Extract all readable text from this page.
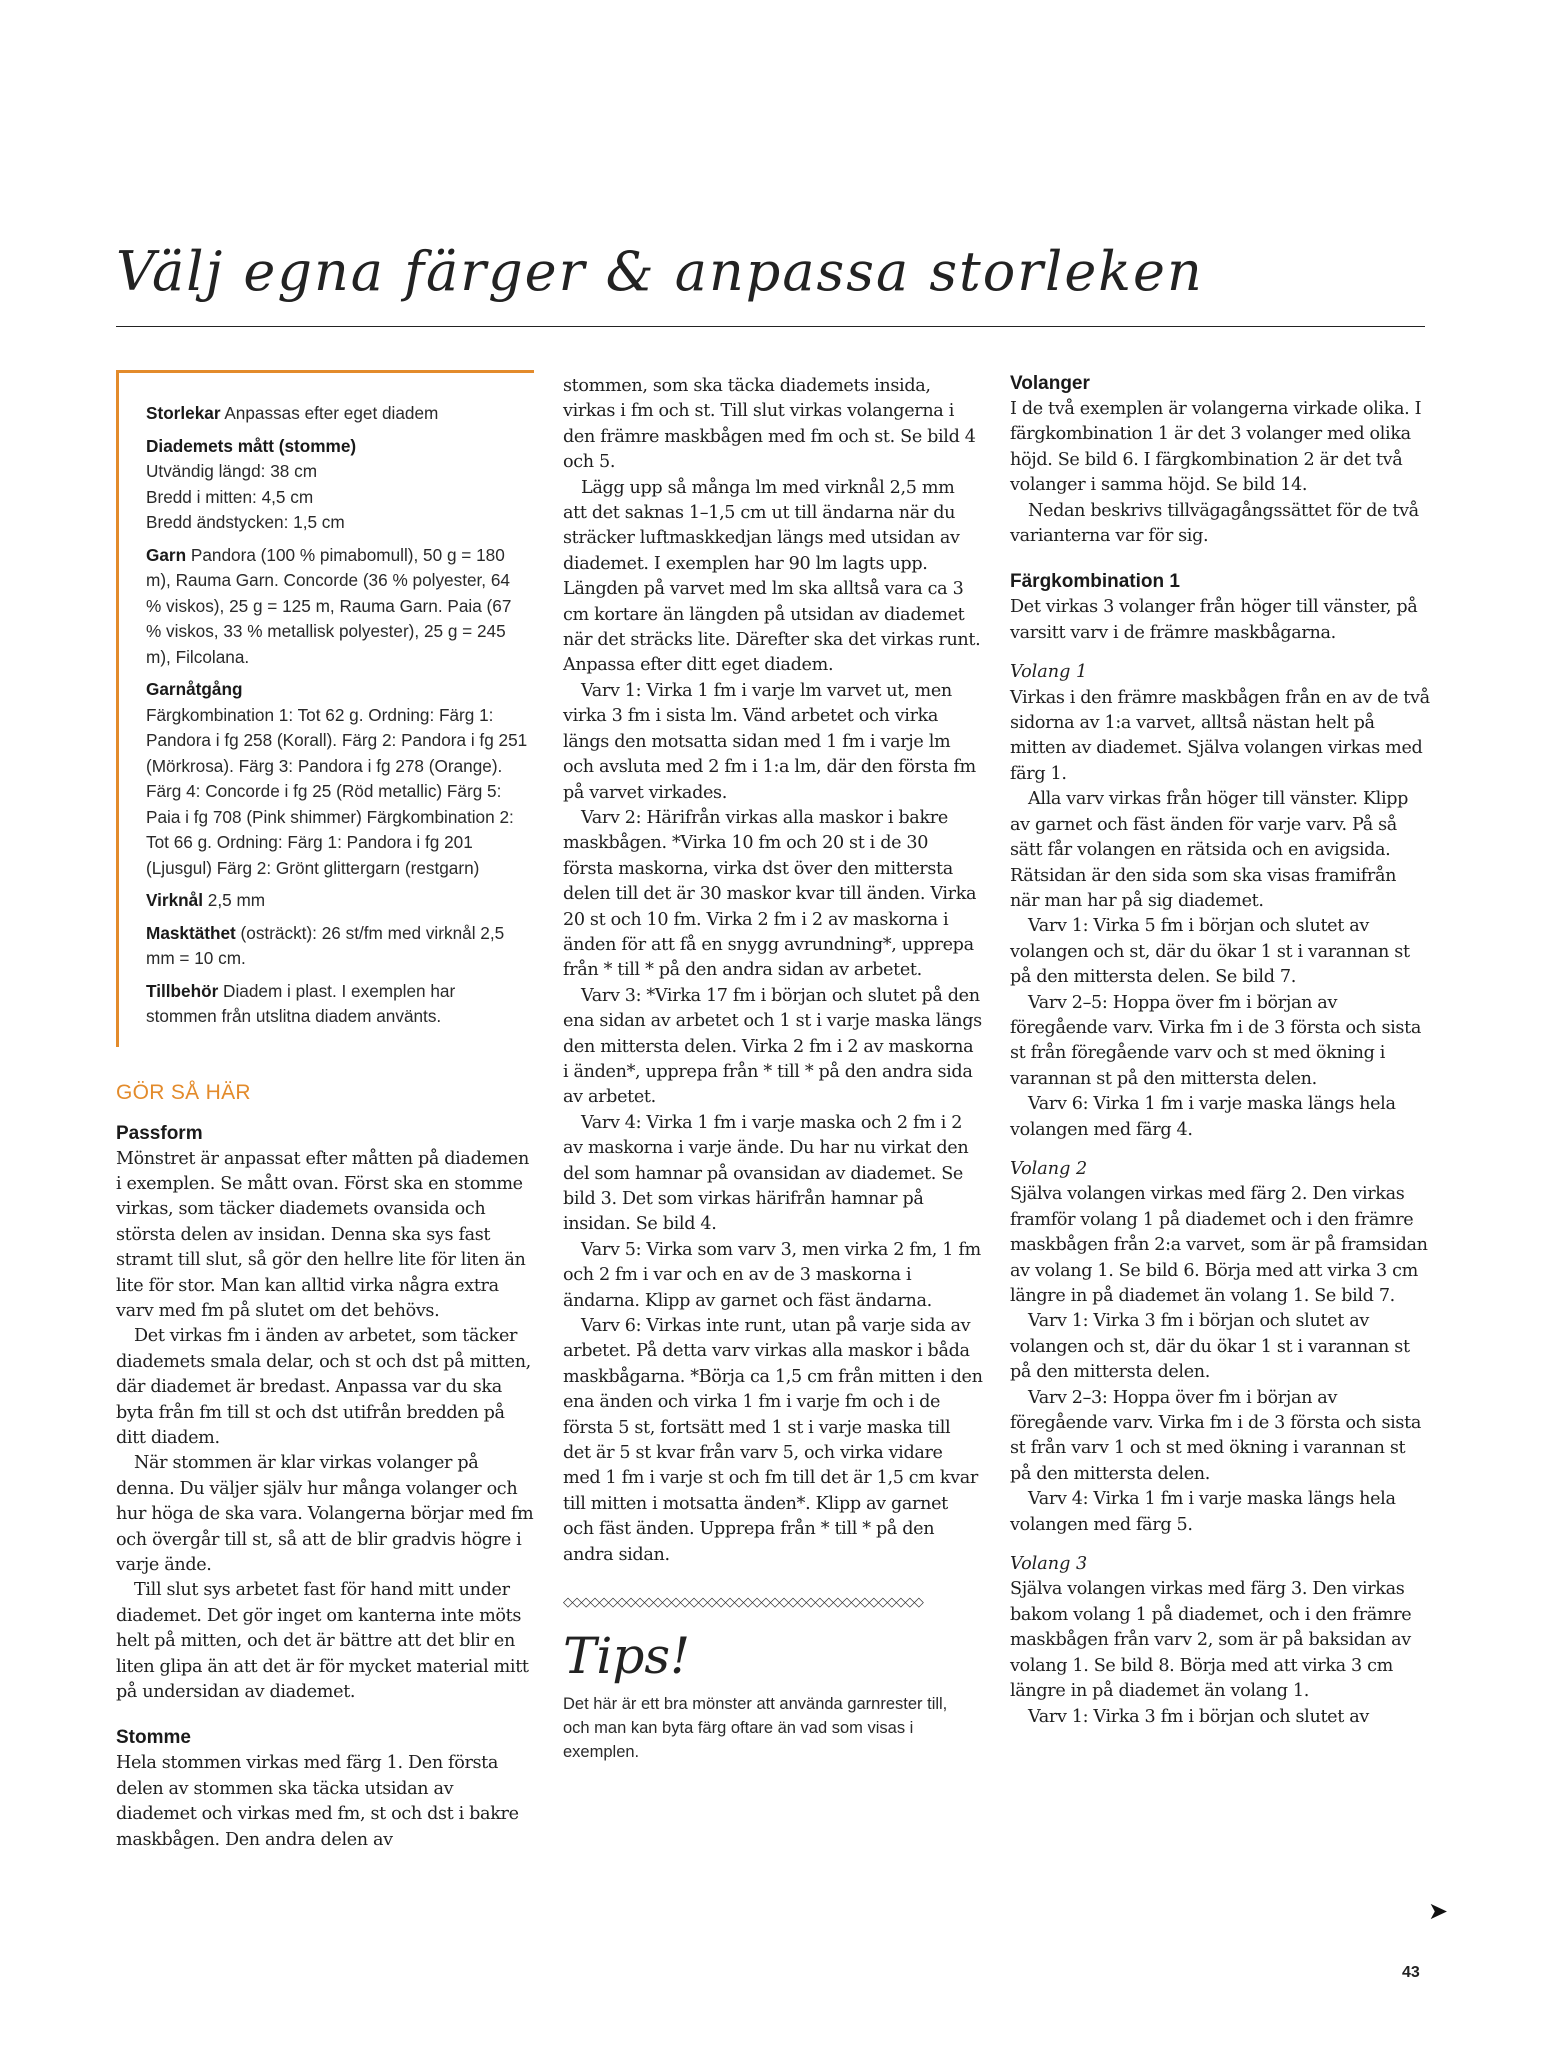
Välj egna färger & anpassa storleken
Storlekar Anpassas efter eget diadem
Diademets mått (stomme)
Utvändig längd: 38 cm
Bredd i mitten: 4,5 cm
Bredd ändstycken: 1,5 cm
Garn Pandora (100 % pimabomull), 50 g = 180 m), Rauma Garn. Concorde (36 % polyester, 64 % viskos), 25 g = 125 m, Rauma Garn. Paia (67 % viskos, 33 % metallisk polyester), 25 g = 245 m), Filcolana.
Garnåtgång
Färgkombination 1: Tot 62 g. Ordning: Färg 1: Pandora i fg 258 (Korall). Färg 2: Pandora i fg 251 (Mörkrosa). Färg 3: Pandora i fg 278 (Orange). Färg 4: Concorde i fg 25 (Röd metallic) Färg 5: Paia i fg 708 (Pink shimmer) Färgkombination 2: Tot 66 g. Ordning: Färg 1: Pandora i fg 201 (Ljusgul) Färg 2: Grönt glittergarn (restgarn)
Virknål 2,5 mm
Masktäthet (osträckt): 26 st/fm med virknål 2,5 mm = 10 cm.
Tillbehör Diadem i plast. I exemplen har stommen från utslitna diadem använts.
GÖR SÅ HÄR
Passform

Mönstret är anpassat efter måtten på diademen i exemplen. Se mått ovan. Först ska en stomme virkas, som täcker diademets ovansida och största delen av insidan. Denna ska sys fast stramt till slut, så gör den hellre lite för liten än lite för stor. Man kan alltid virka några extra varv med fm på slutet om det behövs.

Det virkas fm i änden av arbetet, som täcker diademets smala delar, och st och dst på mitten, där diademet är bredast. Anpassa var du ska byta från fm till st och dst utifrån bredden på ditt diadem.

När stommen är klar virkas volanger på denna. Du väljer själv hur många volanger och hur höga de ska vara. Volangerna börjar med fm och övergår till st, så att de blir gradvis högre i varje ände.

Till slut sys arbetet fast för hand mitt under diademet. Det gör inget om kanterna inte möts helt på mitten, och det är bättre att det blir en liten glipa än att det är för mycket material mitt på undersidan av diademet.

Stomme

Hela stommen virkas med färg 1. Den första delen av stommen ska täcka utsidan av diademet och virkas med fm, st och dst i bakre maskbågen. Den andra delen av

stommen, som ska täcka diademets insida, virkas i fm och st. Till slut virkas volangerna i den främre maskbågen med fm och st. Se bild 4 och 5.

Lägg upp så många lm med virknål 2,5 mm att det saknas 1–1,5 cm ut till ändarna när du sträcker luftmaskkedjan längs med utsidan av diademet. I exemplen har 90 lm lagts upp. Längden på varvet med lm ska alltså vara ca 3 cm kortare än längden på utsidan av diademet när det sträcks lite. Därefter ska det virkas runt. Anpassa efter ditt eget diadem.

Varv 1: Virka 1 fm i varje lm varvet ut, men virka 3 fm i sista lm. Vänd arbetet och virka längs den motsatta sidan med 1 fm i varje lm och avsluta med 2 fm i 1:a lm, där den första fm på varvet virkades.

Varv 2: Härifrån virkas alla maskor i bakre maskbågen. *Virka 10 fm och 20 st i de 30 första maskorna, virka dst över den mittersta delen till det är 30 maskor kvar till änden. Virka 20 st och 10 fm. Virka 2 fm i 2 av maskorna i änden för att få en snygg avrundning*, upprepa från * till * på den andra sidan av arbetet.

Varv 3: *Virka 17 fm i början och slutet på den ena sidan av arbetet och 1 st i varje maska längs den mittersta delen. Virka 2 fm i 2 av maskorna i änden*, upprepa från * till * på den andra sida av arbetet.

Varv 4: Virka 1 fm i varje maska och 2 fm i 2 av maskorna i varje ände. Du har nu virkat den del som hamnar på ovansidan av diademet. Se bild 3. Det som virkas härifrån hamnar på insidan. Se bild 4.

Varv 5: Virka som varv 3, men virka 2 fm, 1 fm och 2 fm i var och en av de 3 maskorna i ändarna. Klipp av garnet och fäst ändarna.

Varv 6: Virkas inte runt, utan på varje sida av arbetet. På detta varv virkas alla maskor i båda maskbågarna. *Börja ca 1,5 cm från mitten i den ena änden och virka 1 fm i varje fm och i de första 5 st, fortsätt med 1 st i varje maska till det är 5 st kvar från varv 5, och virka vidare med 1 fm i varje st och fm till det är 1,5 cm kvar till mitten i motsatta änden*. Klipp av garnet och fäst änden. Upprepa från * till * på den andra sidan.

◇◇◇◇◇◇◇◇◇◇◇◇◇◇◇◇◇◇◇◇◇◇◇◇◇◇◇◇◇◇◇◇◇◇◇◇◇◇◇◇
Tips!
Det här är ett bra mönster att använda garnrester till, och man kan byta färg oftare än vad som visas i exemplen.
Volanger

I de två exemplen är volangerna virkade olika. I färgkombination 1 är det 3 volanger med olika höjd. Se bild 6. I färgkombination 2 är det två volanger i samma höjd. Se bild 14.

Nedan beskrivs tillvägagångssättet för de två varianterna var för sig.

Färgkombination 1

Det virkas 3 volanger från höger till vänster, på varsitt varv i de främre maskbågarna.

Volang 1

Virkas i den främre maskbågen från en av de två sidorna av 1:a varvet, alltså nästan helt på mitten av diademet. Själva volangen virkas med färg 1.

Alla varv virkas från höger till vänster. Klipp av garnet och fäst änden för varje varv. På så sätt får volangen en rätsida och en avigsida. Rätsidan är den sida som ska visas framifrån när man har på sig diademet.

Varv 1: Virka 5 fm i början och slutet av volangen och st, där du ökar 1 st i varannan st på den mittersta delen. Se bild 7.

Varv 2–5: Hoppa över fm i början av föregående varv. Virka fm i de 3 första och sista st från föregående varv och st med ökning i varannan st på den mittersta delen.

Varv 6: Virka 1 fm i varje maska längs hela volangen med färg 4.

Volang 2

Själva volangen virkas med färg 2. Den virkas framför volang 1 på diademet och i den främre maskbågen från 2:a varvet, som är på framsidan av volang 1. Se bild 6. Börja med att virka 3 cm längre in på diademet än volang 1. Se bild 7.

Varv 1: Virka 3 fm i början och slutet av volangen och st, där du ökar 1 st i varannan st på den mittersta delen.

Varv 2–3: Hoppa över fm i början av föregående varv. Virka fm i de 3 första och sista st från varv 1 och st med ökning i varannan st på den mittersta delen.

Varv 4: Virka 1 fm i varje maska längs hela volangen med färg 5.

Volang 3

Själva volangen virkas med färg 3. Den virkas bakom volang 1 på diademet, och i den främre maskbågen från varv 2, som är på baksidan av volang 1. Se bild 8. Börja med att virka 3 cm längre in på diademet än volang 1.

Varv 1: Virka 3 fm i början och slutet av

➤
43
